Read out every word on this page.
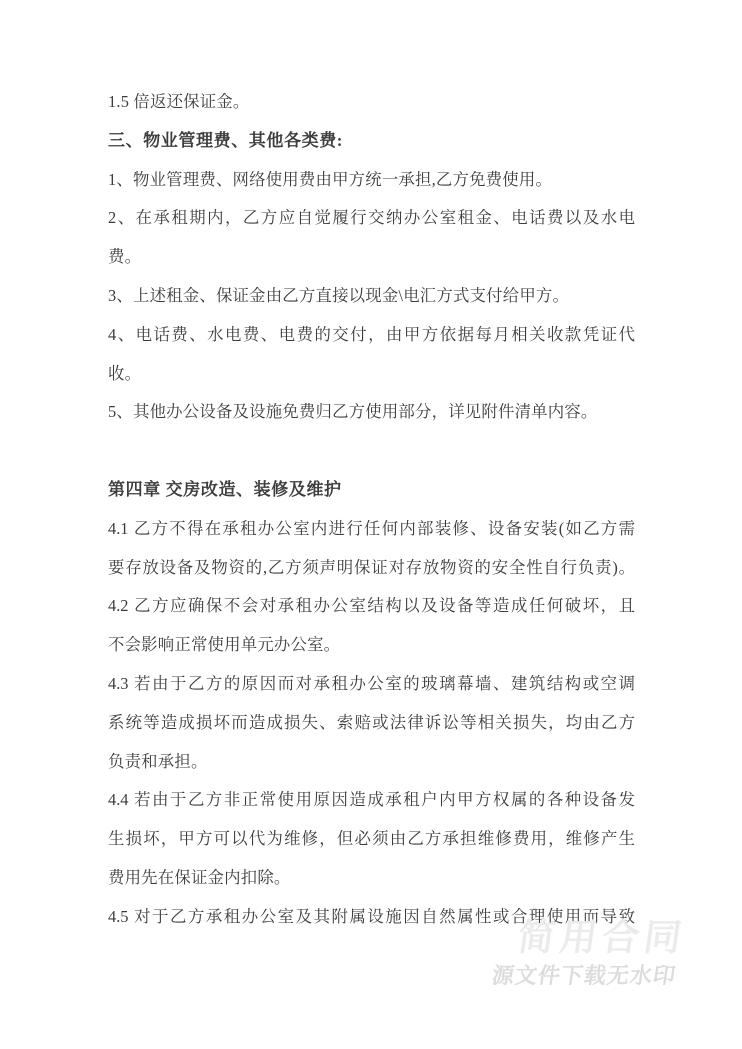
1.5 倍返还保证金。
三、物业管理费、其他各类费:
1、物业管理费、网络使用费由甲方统一承担,乙方免费使用。
2、在承租期内，乙方应自觉履行交纳办公室租金、电话费以及水电
费。
3、上述租金、保证金由乙方直接以现金\电汇方式支付给甲方。
4、电话费、水电费、电费的交付，由甲方依据每月相关收款凭证代
收。
5、其他办公设备及设施免费归乙方使用部分，详见附件清单内容。
第四章 交房改造、装修及维护
4.1 乙方不得在承租办公室内进行任何内部装修、设备安装(如乙方需
要存放设备及物资的,乙方须声明保证对存放物资的安全性自行负责)。
4.2 乙方应确保不会对承租办公室结构以及设备等造成任何破坏，且
不会影响正常使用单元办公室。
4.3 若由于乙方的原因而对承租办公室的玻璃幕墙、建筑结构或空调
系统等造成损坏而造成损失、索赔或法律诉讼等相关损失，均由乙方
负责和承担。
4.4 若由于乙方非正常使用原因造成承租户内甲方权属的各种设备发
生损坏，甲方可以代为维修，但必须由乙方承担维修费用，维修产生
费用先在保证金内扣除。
4.5 对于乙方承租办公室及其附属设施因自然属性或合理使用而导致
简用合同
源文件下载无水印
